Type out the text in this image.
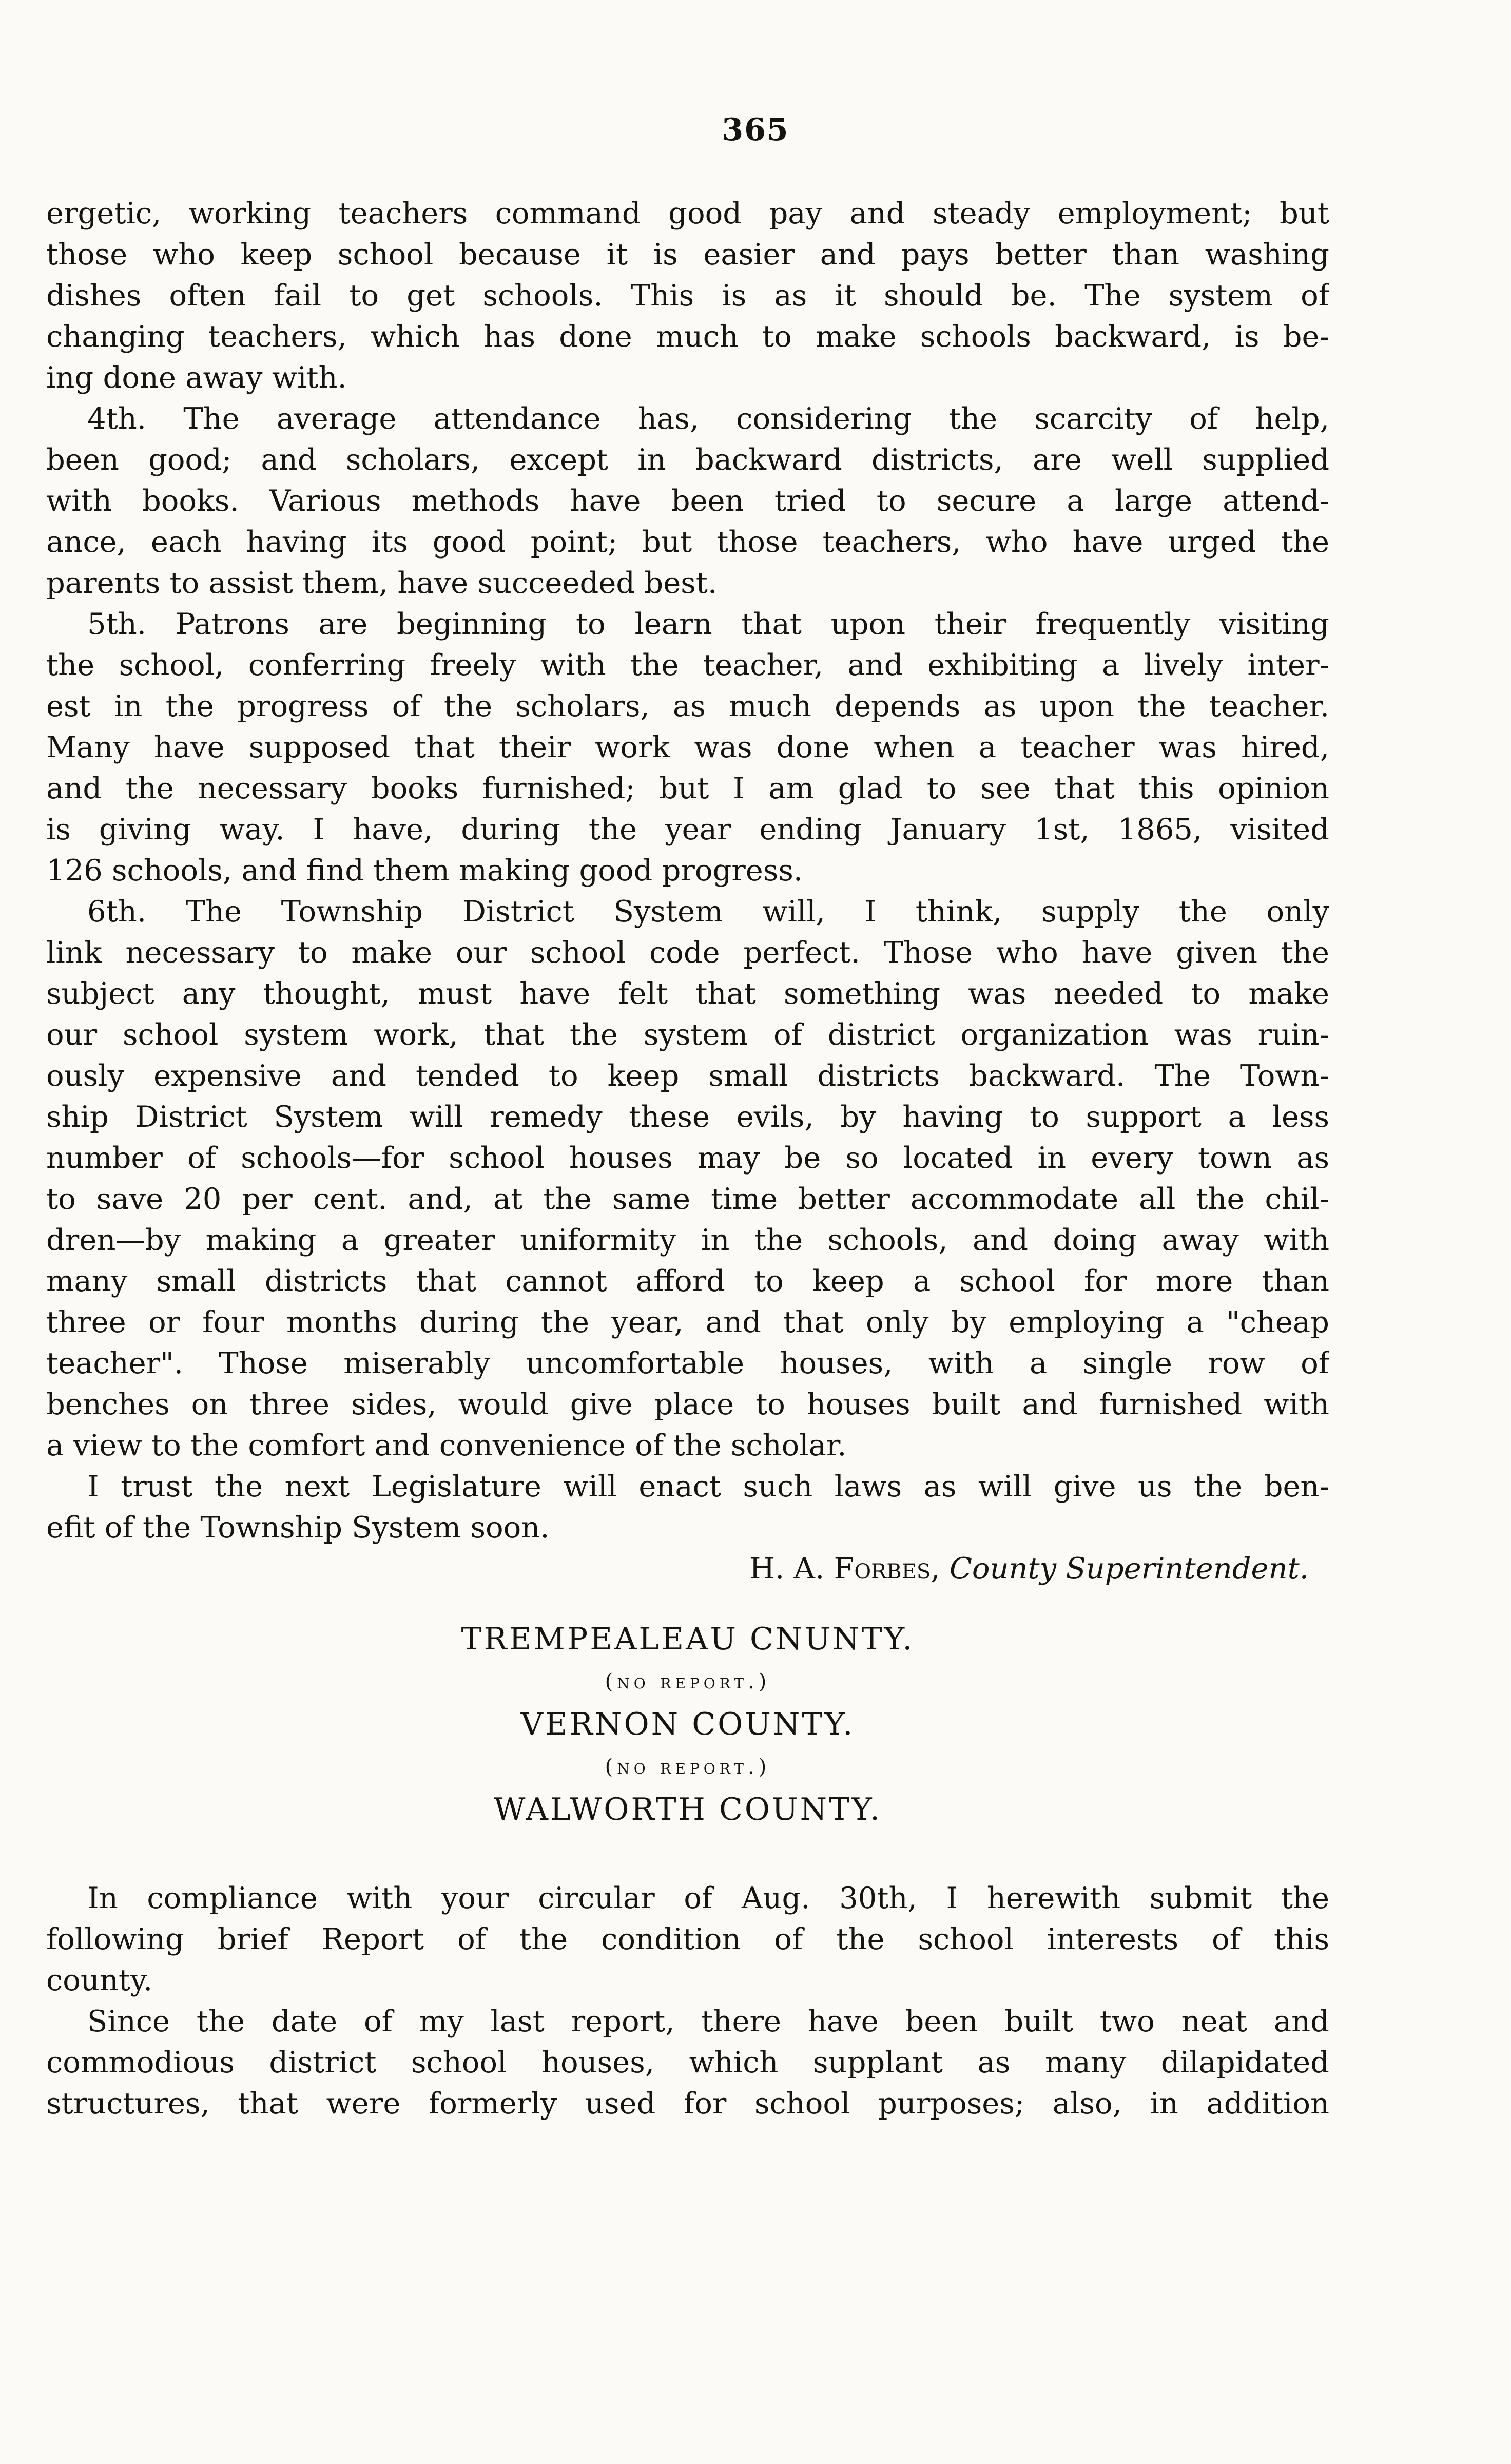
365
ergetic, working teachers command good pay and steady employment; but
those who keep school because it is easier and pays better than washing
dishes often fail to get schools. This is as it should be. The system of
changing teachers, which has done much to make schools backward, is be-
ing done away with.
4th. The average attendance has, considering the scarcity of help,
been good; and scholars, except in backward districts, are well supplied
with books. Various methods have been tried to secure a large attend-
ance, each having its good point; but those teachers, who have urged the
parents to assist them, have succeeded best.
5th. Patrons are beginning to learn that upon their frequently visiting
the school, conferring freely with the teacher, and exhibiting a lively inter-
est in the progress of the scholars, as much depends as upon the teacher.
Many have supposed that their work was done when a teacher was hired,
and the necessary books furnished; but I am glad to see that this opinion
is giving way. I have, during the year ending January 1st, 1865, visited
126 schools, and find them making good progress.
6th. The Township District System will, I think, supply the only
link necessary to make our school code perfect. Those who have given the
subject any thought, must have felt that something was needed to make
our school system work, that the system of district organization was ruin-
ously expensive and tended to keep small districts backward. The Town-
ship District System will remedy these evils, by having to support a less
number of schools—for school houses may be so located in every town as
to save 20 per cent. and, at the same time better accommodate all the chil-
dren—by making a greater uniformity in the schools, and doing away with
many small districts that cannot afford to keep a school for more than
three or four months during the year, and that only by employing a "cheap
teacher". Those miserably uncomfortable houses, with a single row of
benches on three sides, would give place to houses built and furnished with
a view to the comfort and convenience of the scholar.
I trust the next Legislature will enact such laws as will give us the ben-
efit of the Township System soon.
H. A. Forbes, County Superintendent.
TREMPEALEAU CNUNTY.
(no report.)
VERNON COUNTY.
(no report.)
WALWORTH COUNTY.
In compliance with your circular of Aug. 30th, I herewith submit the
following brief Report of the condition of the school interests of this
county.
Since the date of my last report, there have been built two neat and
commodious district school houses, which supplant as many dilapidated
structures, that were formerly used for school purposes; also, in addition
